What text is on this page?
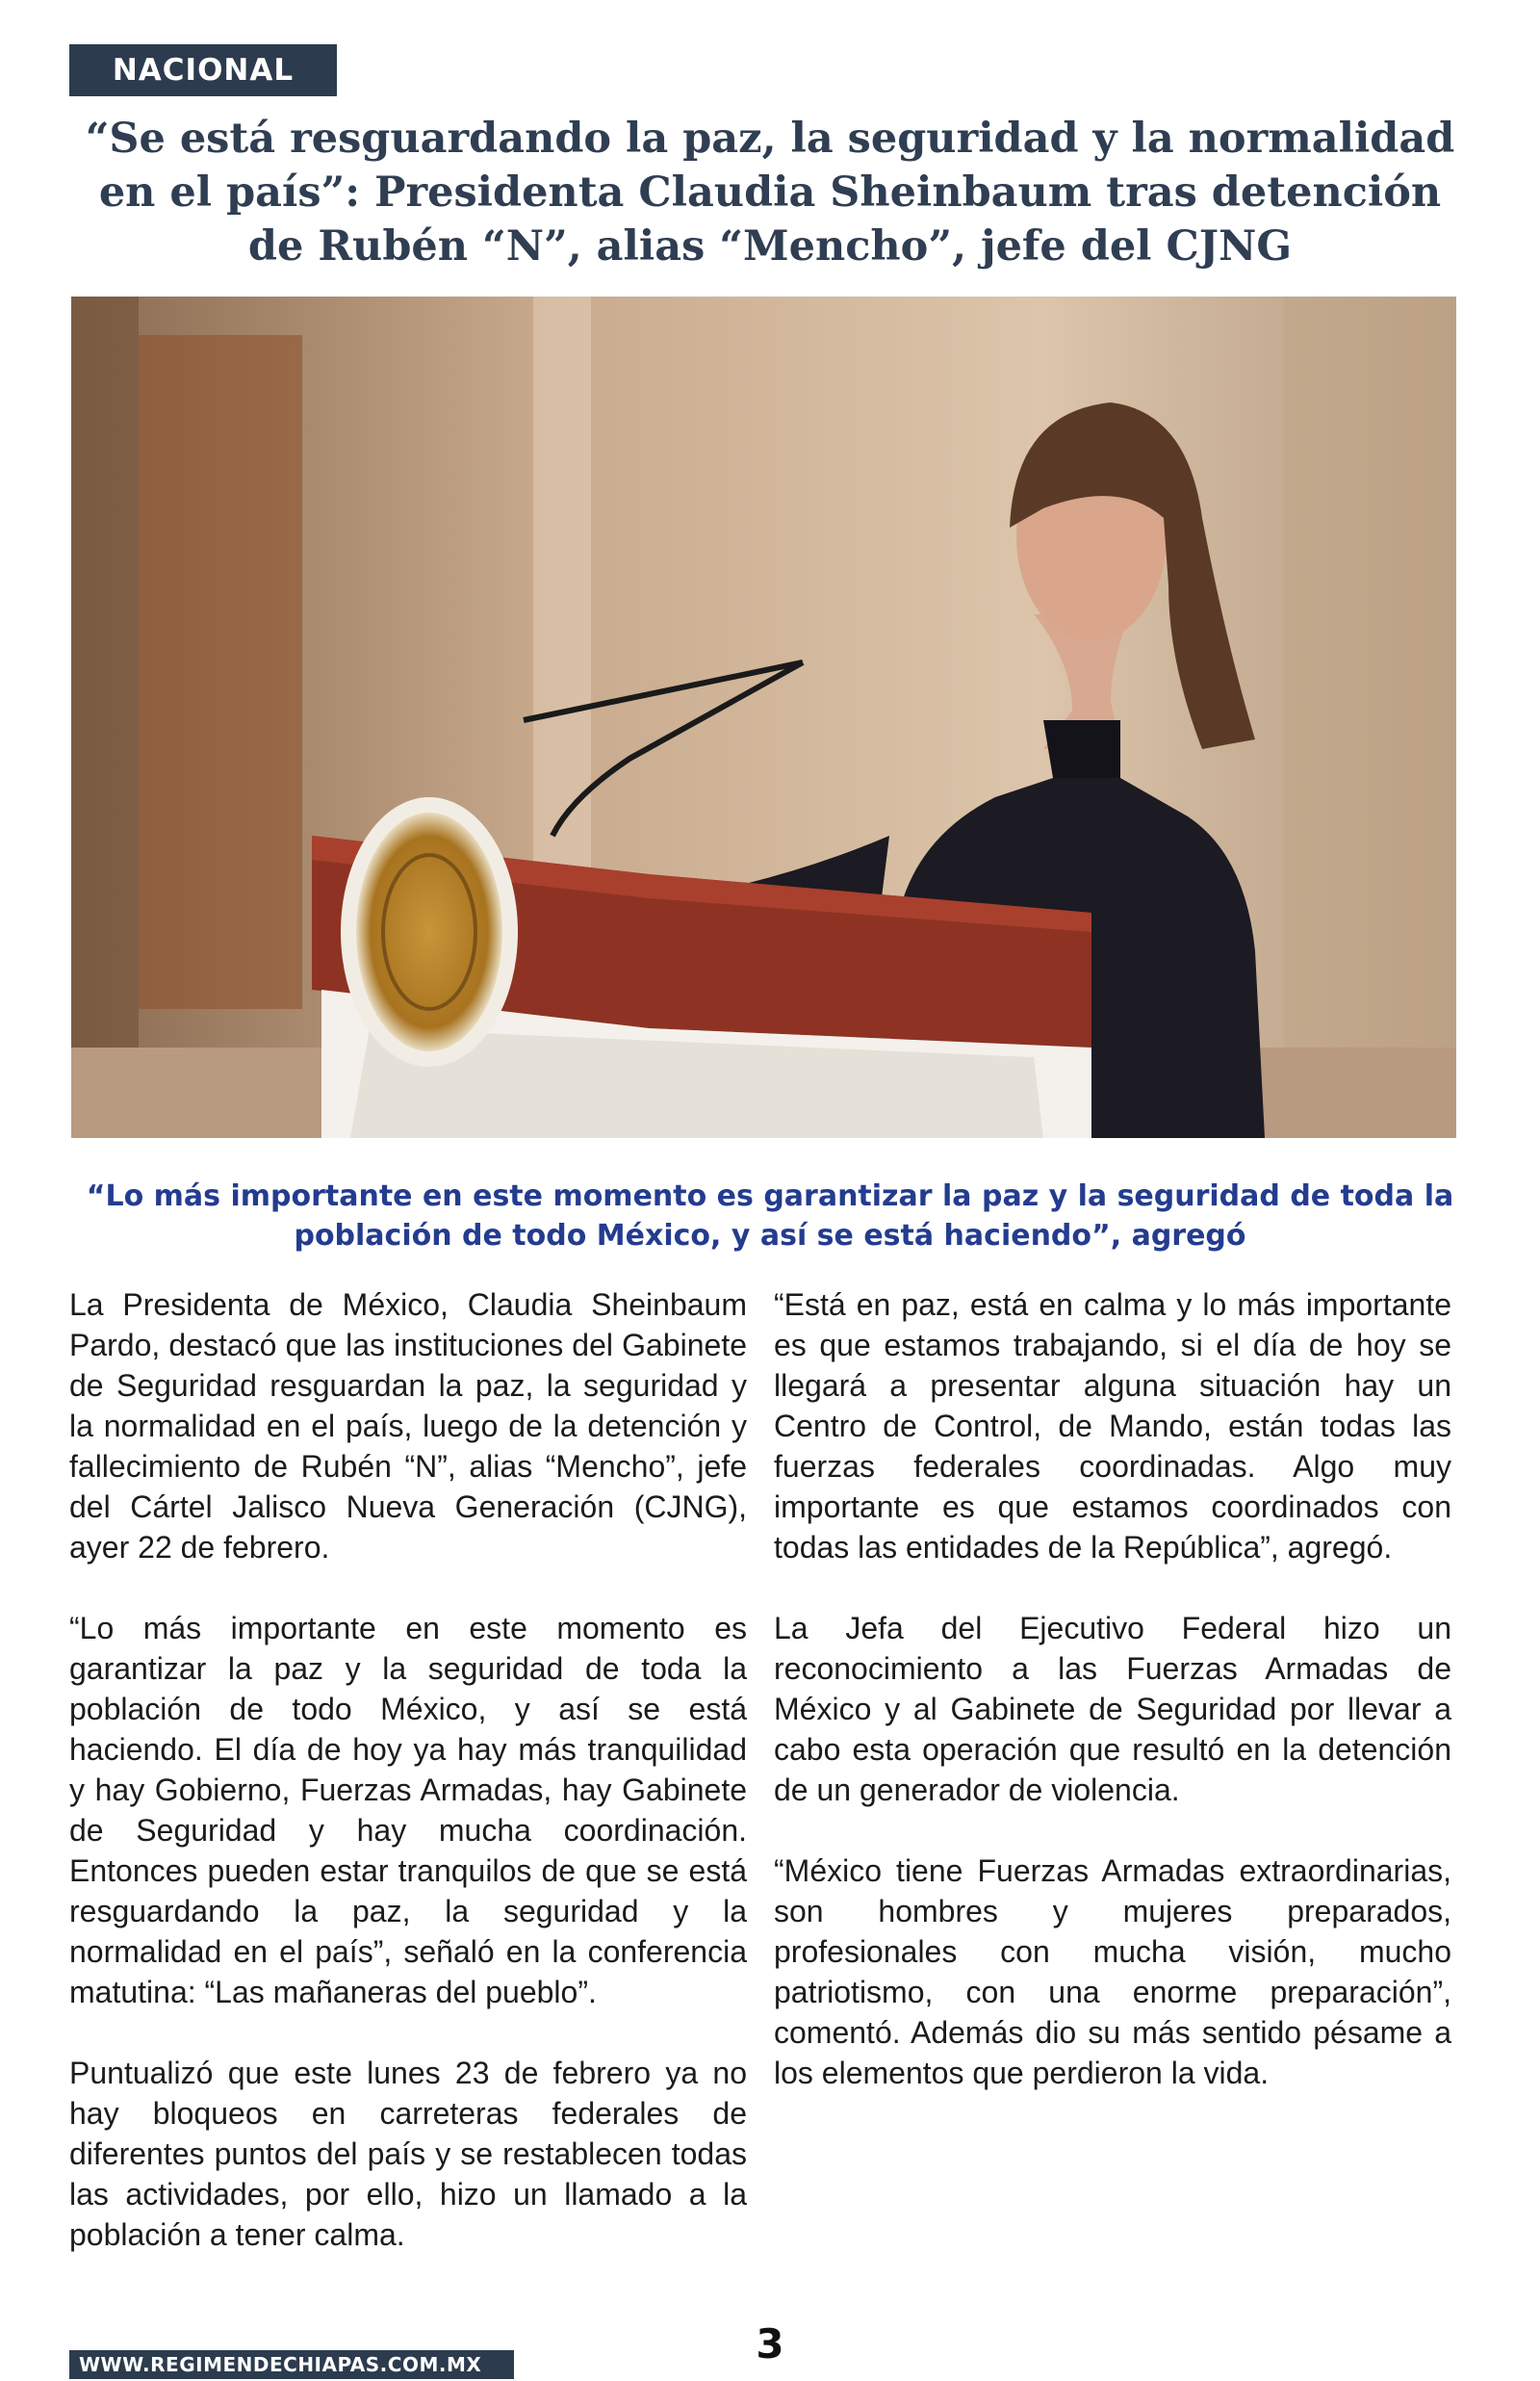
NACIONAL
“Se está resguardando la paz, la seguridad y la normalidad en el país”: Presidenta Claudia Sheinbaum tras detención de Rubén “N”, alias “Mencho”, jefe del CJNG

“Lo más importante en este momento es garantizar la paz y la seguridad de toda la población de todo México, y así se está haciendo”, agregó

La Presidenta de México, Claudia Sheinbaum Pardo, destacó que las instituciones del Gabinete de Seguridad resguardan la paz, la seguridad y la normalidad en el país, luego de la detención y fallecimiento de Rubén “N”, alias “Mencho”, jefe del Cártel Jalisco Nueva Generación (CJNG), ayer 22 de febrero.

“Lo más importante en este momento es garantizar la paz y la seguridad de toda la población de todo México, y así se está haciendo. El día de hoy ya hay más tranquilidad y hay Gobierno, Fuerzas Armadas, hay Gabinete de Seguridad y hay mucha coordinación. Entonces pueden estar tranquilos de que se está resguardando la paz, la seguridad y la normalidad en el país”, señaló en la conferencia matutina: “Las mañaneras del pueblo”.

Puntualizó que este lunes 23 de febrero ya no hay bloqueos en carreteras federales de diferentes puntos del país y se restablecen todas las actividades, por ello, hizo un llamado a la población a tener calma.

“Está en paz, está en calma y lo más importante es que estamos trabajando, si el día de hoy se llegará a presentar alguna situación hay un Centro de Control, de Mando, están todas las fuerzas federales coordinadas. Algo muy importante es que estamos coordinados con todas las entidades de la República”, agregó.

La Jefa del Ejecutivo Federal hizo un reconocimiento a las Fuerzas Armadas de México y al Gabinete de Seguridad por llevar a cabo esta operación que resultó en la detención de un generador de violencia.

“México tiene Fuerzas Armadas extraordinarias, son hombres y mujeres preparados, profesionales con mucha visión, mucho patriotismo, con una enorme preparación”, comentó. Además dio su más sentido pésame a los elementos que perdieron la vida.

WWW.REGIMENDECHIAPAS.COM.MX	3
